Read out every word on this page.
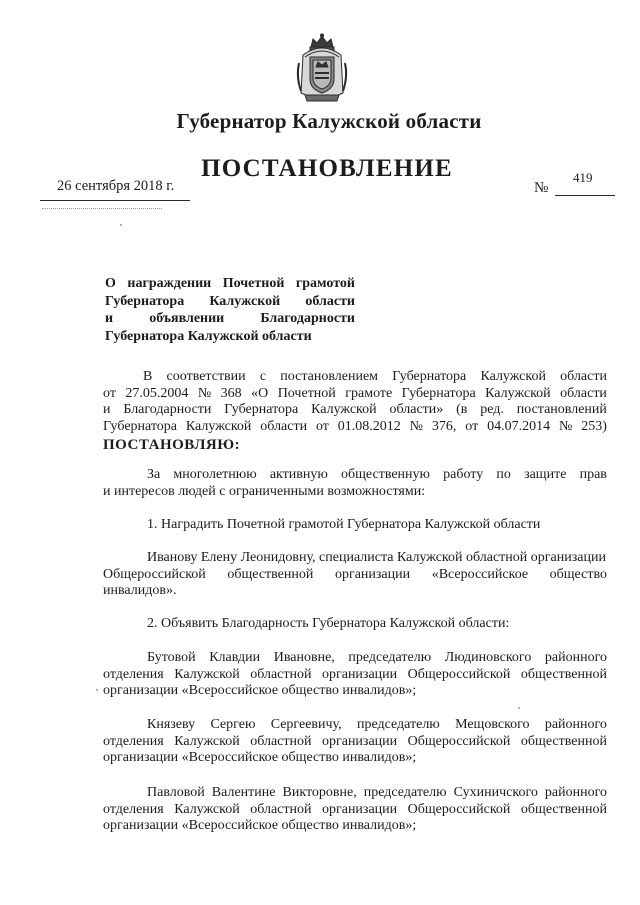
Губернатор Калужской области
ПОСТАНОВЛЕНИЕ
26 сентября 2018 г.	№
419
О награждении Почетной грамотой
Губернатора Калужской области
и	объявлении	Благодарности
Губернатора Калужской области
В соответствии с постановлением Губернатора Калужской области
от 27.05.2004 № 368 «О Почетной грамоте Губернатора Калужской области
и Благодарности Губернатора Калужской области» (в ред. постановлений
Губернатора Калужской области от 01.08.2012 № 376, от 04.07.2014 № 253)
ПОСТАНОВЛЯЮ:
За многолетнюю активную общественную работу по защите прав
и интересов людей с ограниченными возможностями:
1. Наградить Почетной грамотой Губернатора Калужской области
Иванову Елену Леонидовну, специалиста Калужской областной организации
Общероссийской общественной организации «Всероссийское общество
инвалидов».
2. Объявить Благодарность Губернатора Калужской области:
Бутовой Клавдии Ивановне, председателю Людиновского районного
отделения Калужской областной организации Общероссийской общественной
организации «Всероссийское общество инвалидов»;
Князеву Сергею Сергеевичу, председателю Мещовского районного
отделения Калужской областной организации Общероссийской общественной
организации «Всероссийское общество инвалидов»;
Павловой Валентине Викторовне, председателю Сухиничского районного
отделения Калужской областной организации Общероссийской общественной
организации «Всероссийское общество инвалидов»;
